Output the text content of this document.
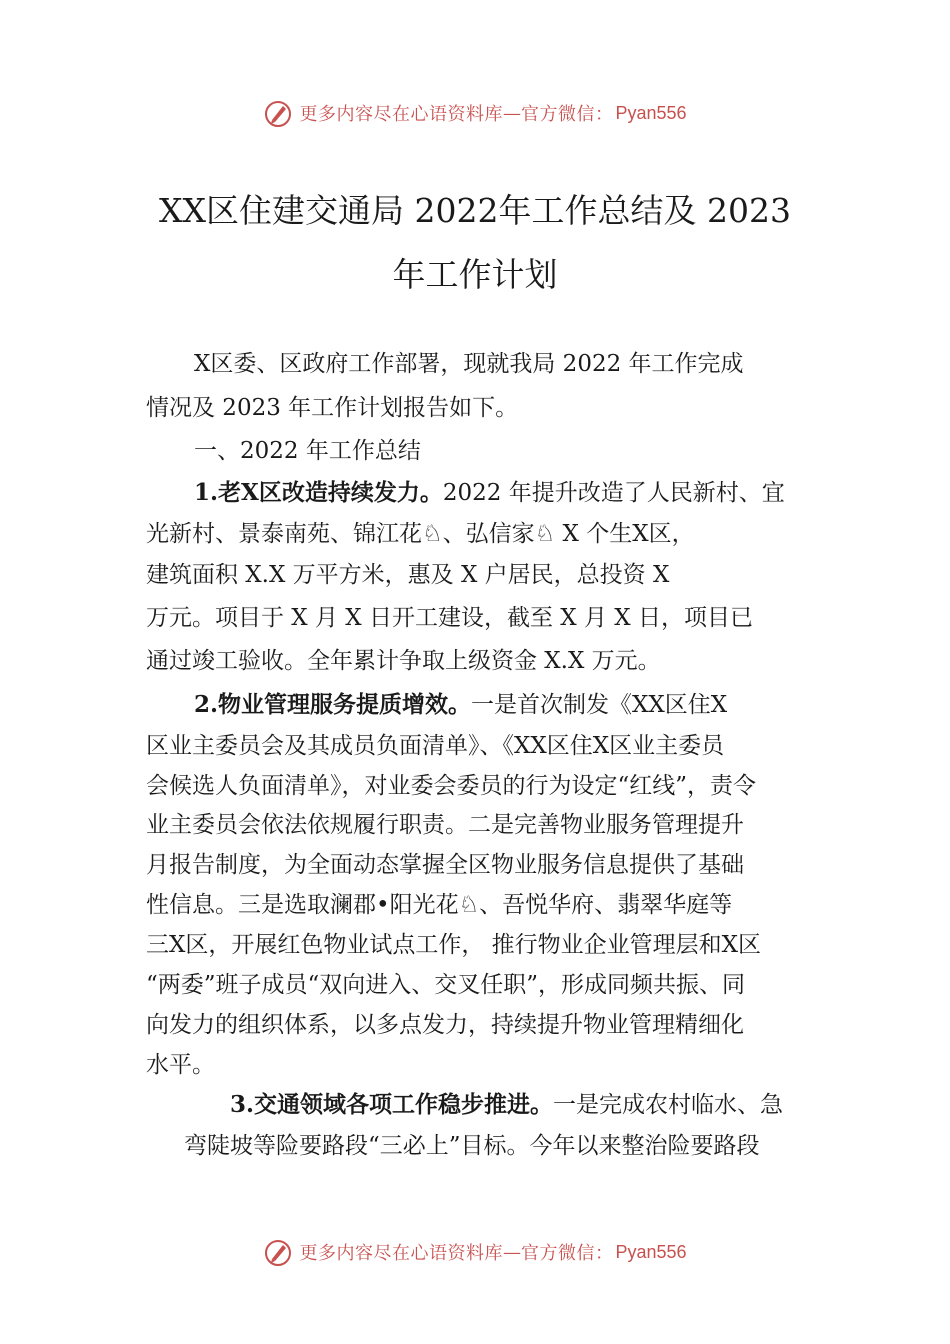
更多内容尽在心语资料库 — 官方微信： Pyan556
XX区住建交通局 2022年工作总结及 2023
年工作计划
X区委、区政府工作部署，现就我局 2022 年工作完成
情况及 2023 年工作计划报告如下。
一、2022 年工作总结
1.老X区改造持续发力。2022 年提升改造了人民新村、宜
光新村、景泰南苑、锦江花♘、弘信家♘ X 个生X区，
建筑面积 X.X 万平方米，惠及 X 户居民，总投资 X
万元。项目于 X 月 X 日开工建设，截至 X 月 X 日，项目已
通过竣工验收。全年累计争取上级资金 X.X 万元。
2.物业管理服务提质增效。一是首次制发《XX区住X
区业主委员会及其成员负面清单》、《XX区住X区业主委员
会候选人负面清单》，对业委会委员的行为设定“红线”，责令
业主委员会依法依规履行职责。二是完善物业服务管理提升
月报告制度，为全面动态掌握全区物业服务信息提供了基础
性信息。三是选取澜郡•阳光花♘、吾悦华府、翡翠华庭等
三X区，开展红色物业试点工作， 推行物业企业管理层和X区
“两委”班子成员“双向进入、交叉任职”，形成同频共振、同
向发力的组织体系，以多点发力，持续提升物业管理精细化
水平。
3.交通领域各项工作稳步推进。一是完成农村临水、急
弯陡坡等险要路段“三必上”目标。今年以来整治险要路段
更多内容尽在心语资料库 — 官方微信： Pyan556
